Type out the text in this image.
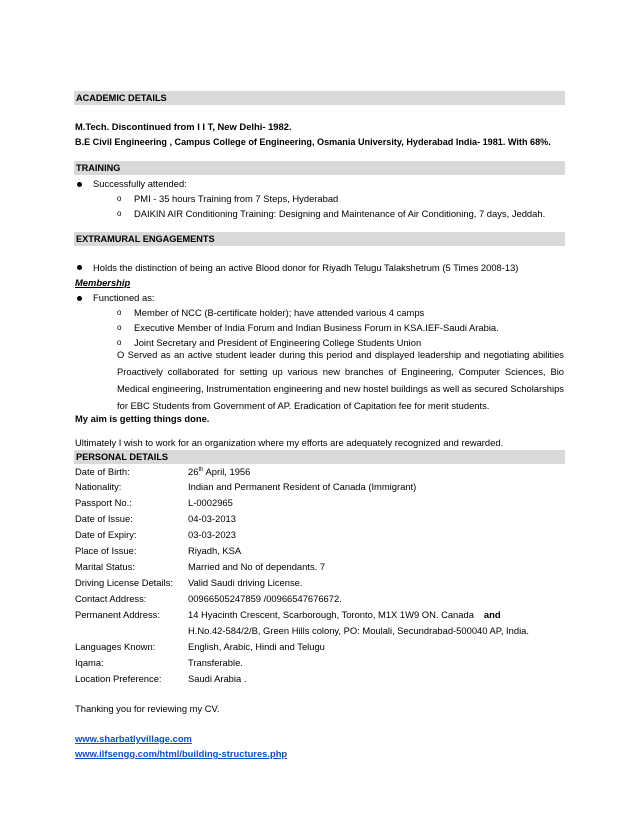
ACADEMIC DETAILS
M.Tech. Discontinued from I I T, New Delhi- 1982.
B.E Civil Engineering , Campus College of Engineering, Osmania University, Hyderabad India- 1981. With 68%.
TRAINING
Successfully attended:
o PMI - 35 hours Training from 7 Steps, Hyderabad
o DAIKIN AIR Conditioning Training: Designing and Maintenance of Air Conditioning, 7 days, Jeddah.
EXTRAMURAL ENGAGEMENTS
Holds the distinction of being an active Blood donor for Riyadh Telugu Talakshetrum (5 Times 2008-13)
Membership
Functioned as:
o Member of NCC (B-certificate holder); have attended various 4 camps
o Executive Member of India Forum and Indian Business Forum in KSA.IEF-Saudi Arabia.
o Joint Secretary and President of Engineering College Students Union
O Served as an active student leader during this period and displayed leadership and negotiating abilities Proactively collaborated for setting up various new branches of Engineering, Computer Sciences, Bio Medical engineering, Instrumentation engineering and new hostel buildings as well as secured Scholarships for EBC Students from Government of AP. Eradication of Capitation fee for merit students.
My aim is getting things done.
Ultimately I wish to work for an organization where my efforts are adequately recognized and rewarded.
PERSONAL DETAILS
Date of Birth:	26th April, 1956
Nationality:	Indian and Permanent Resident of Canada (Immigrant)
Passport No.:	L-0002965
Date of Issue:	04-03-2013
Date of Expiry:	03-03-2023
Place of Issue:	Riyadh, KSA
Marital Status:	Married and No of dependants. 7
Driving License Details: Valid Saudi driving License.
Contact Address:	00966505247859 /00966547676672.
Permanent Address:	14 Hyacinth Crescent, Scarborough, Toronto, M1X 1W9 ON. Canada and
H.No.42-584/2/B, Green Hills colony, PO: Moulali, Secundrabad-500040 AP, India.
Languages Known:	English, Arabic, Hindi and Telugu
Iqama:	Transferable.
Location Preference:	Saudi Arabia .
Thanking you for reviewing my CV.
www.sharbatlyvillage.com
www.ilfsengg.com/html/building-structures.php
